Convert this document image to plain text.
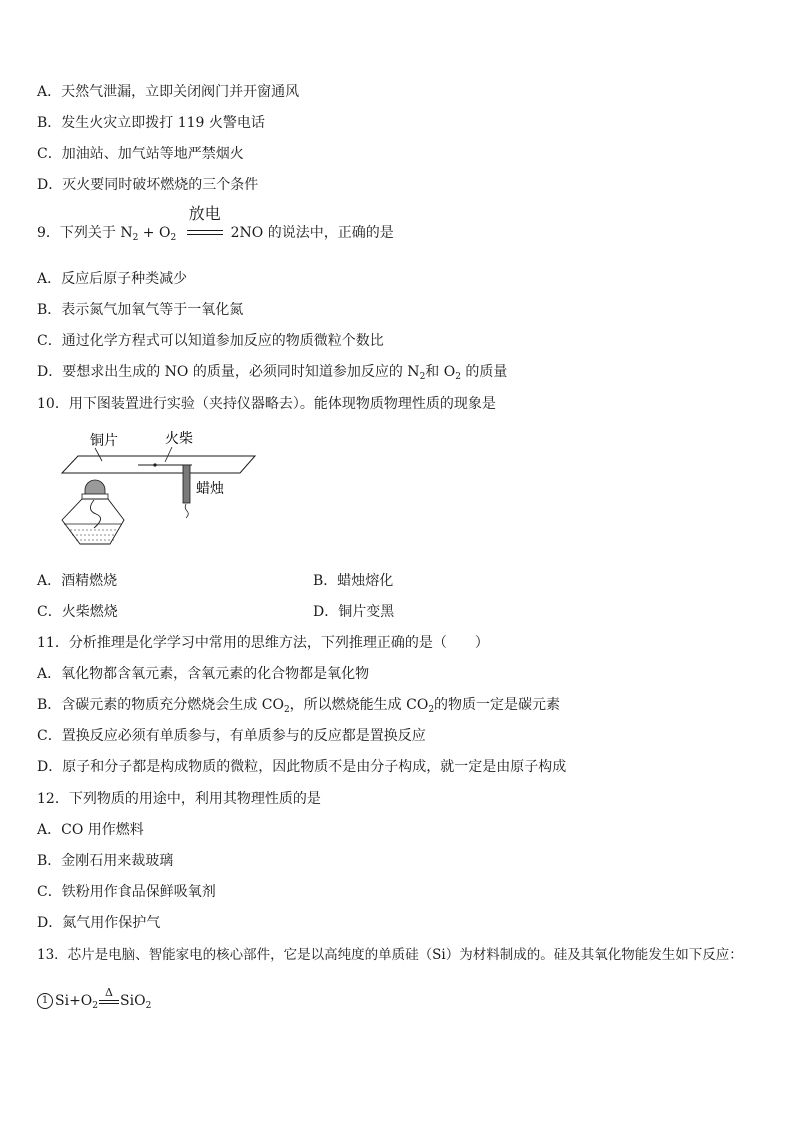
A．天然气泄漏，立即关闭阀门并开窗通风
B．发生火灾立即拨打 119 火警电话
C．加油站、加气站等地严禁烟火
D．灭火要同时破坏燃烧的三个条件
9．下列关于 $N_2 + O_2$
放电
2NO 的说法中，正确的是
A．反应后原子种类减少
B．表示氮气加氧气等于一氧化氮
C．通过化学方程式可以知道参加反应的物质微粒个数比
D．要想求出生成的 NO 的质量，必须同时知道参加反应的 $N_2$和 $O_2$ 的质量
10．用下图装置进行实验（夹持仪器略去）。能体现物质物理性质的现象是
铜片	火柴
蜡烛
A．酒精燃烧	B．蜡烛熔化
C．火柴燃烧	D．铜片变黑
11．分析推理是化学学习中常用的思维方法，下列推理正确的是（　　）
A．氧化物都含氧元素，含氧元素的化合物都是氧化物
B．含碳元素的物质充分燃烧会生成 $CO_2$，所以燃烧能生成 $CO_2$的物质一定是碳元素
C．置换反应必须有单质参与，有单质参与的反应都是置换反应
D．原子和分子都是构成物质的微粒，因此物质不是由分子构成，就一定是由原子构成
12．下列物质的用途中，利用其物理性质的是
A．CO 用作燃料
B．金刚石用来裁玻璃
C．铁粉用作食品保鲜吸氧剂
D．氮气用作保护气
13．芯片是电脑、智能家电的核心部件，它是以高纯度的单质硅（Si）为材料制成的。硅及其氧化物能发生如下反应：
1 $Si+O_2$
Δ
SiO$_2$
